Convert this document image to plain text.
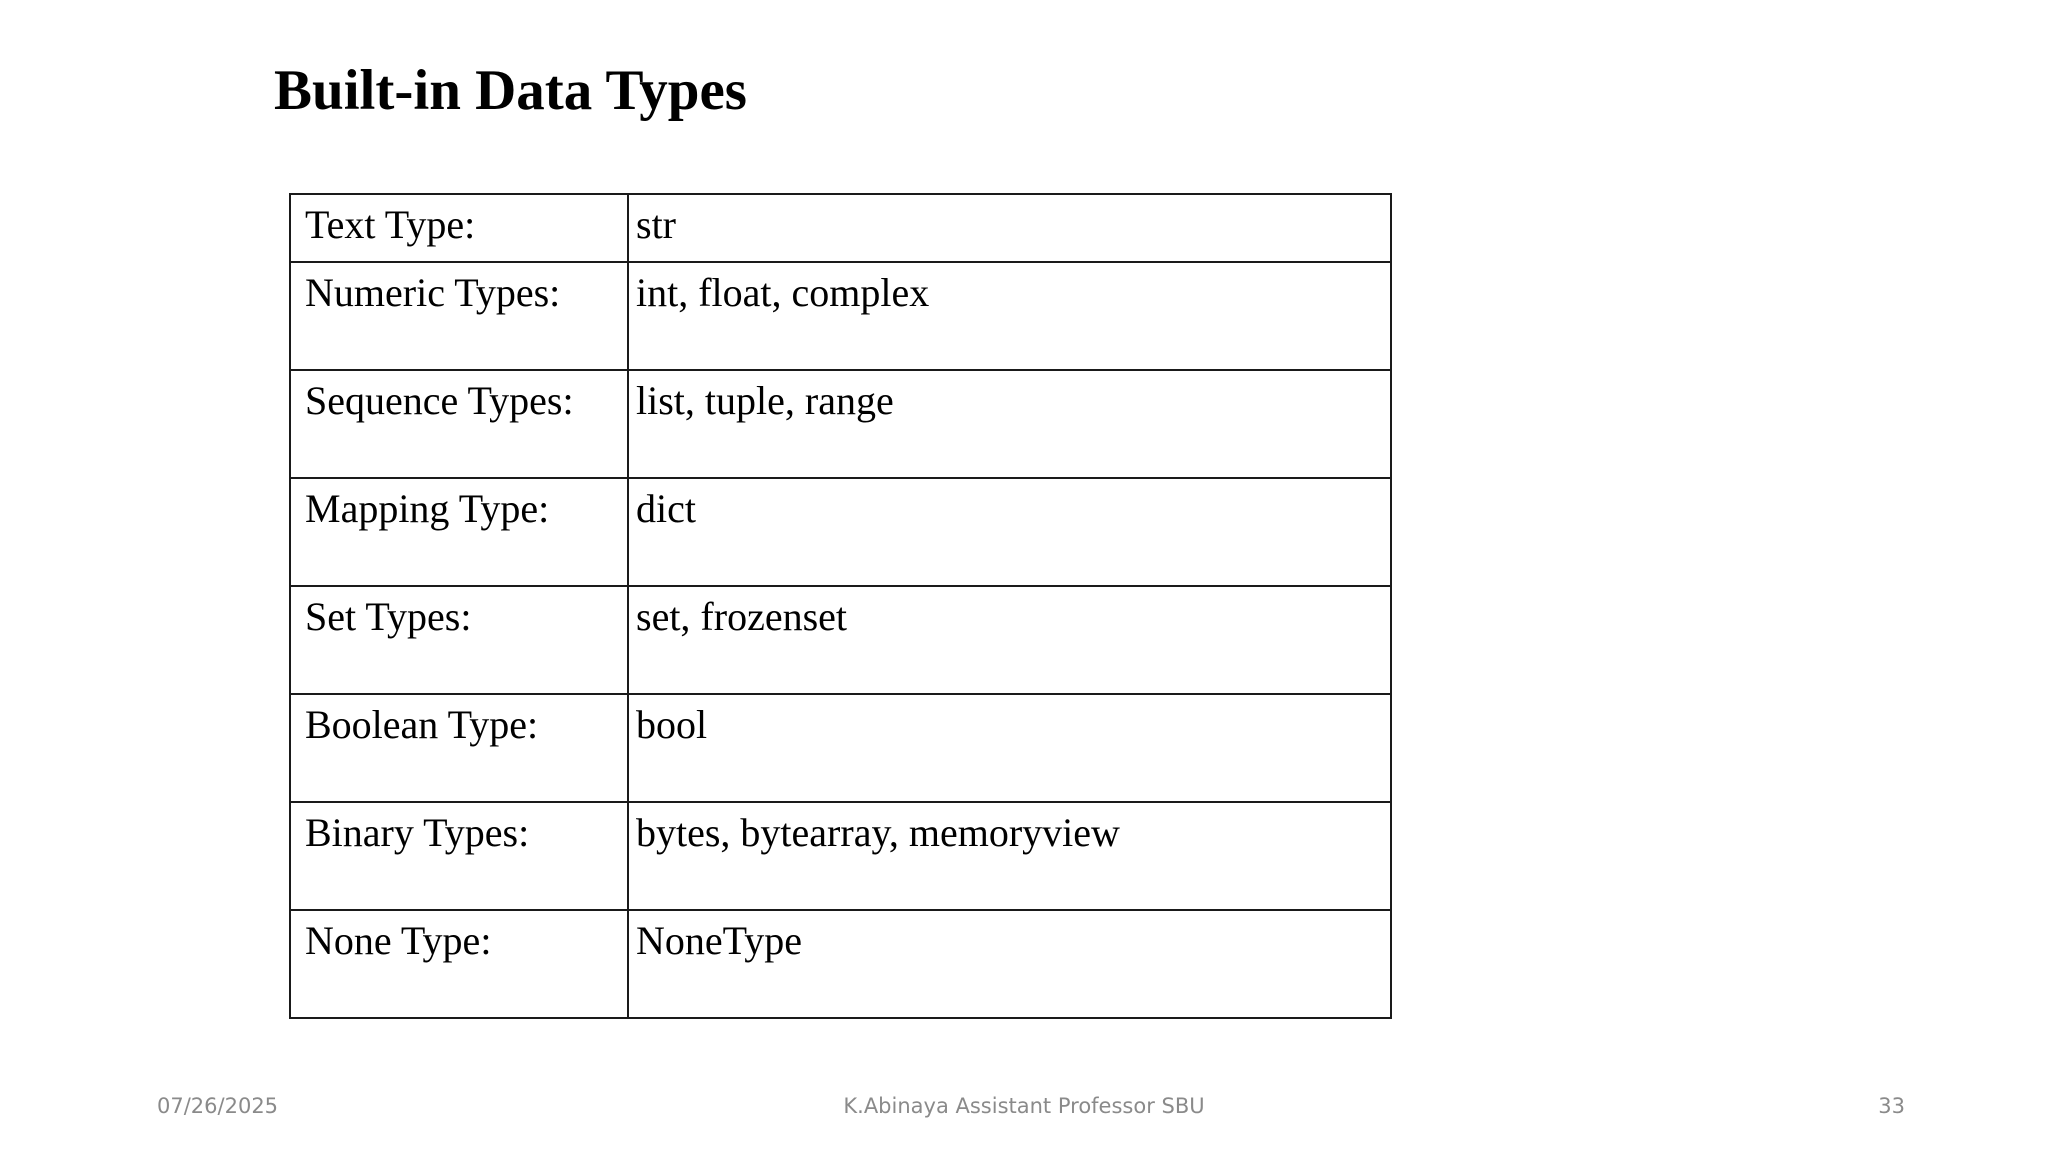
Built-in Data Types
Text Type:	str
Numeric Types:	int, float, complex
Sequence Types:	list, tuple, range
Mapping Type:	dict
Set Types:	set, frozenset
Boolean Type:	bool
Binary Types:	bytes, bytearray, memoryview
None Type:	NoneType
07/26/2025	K.Abinaya Assistant Professor SBU	33
